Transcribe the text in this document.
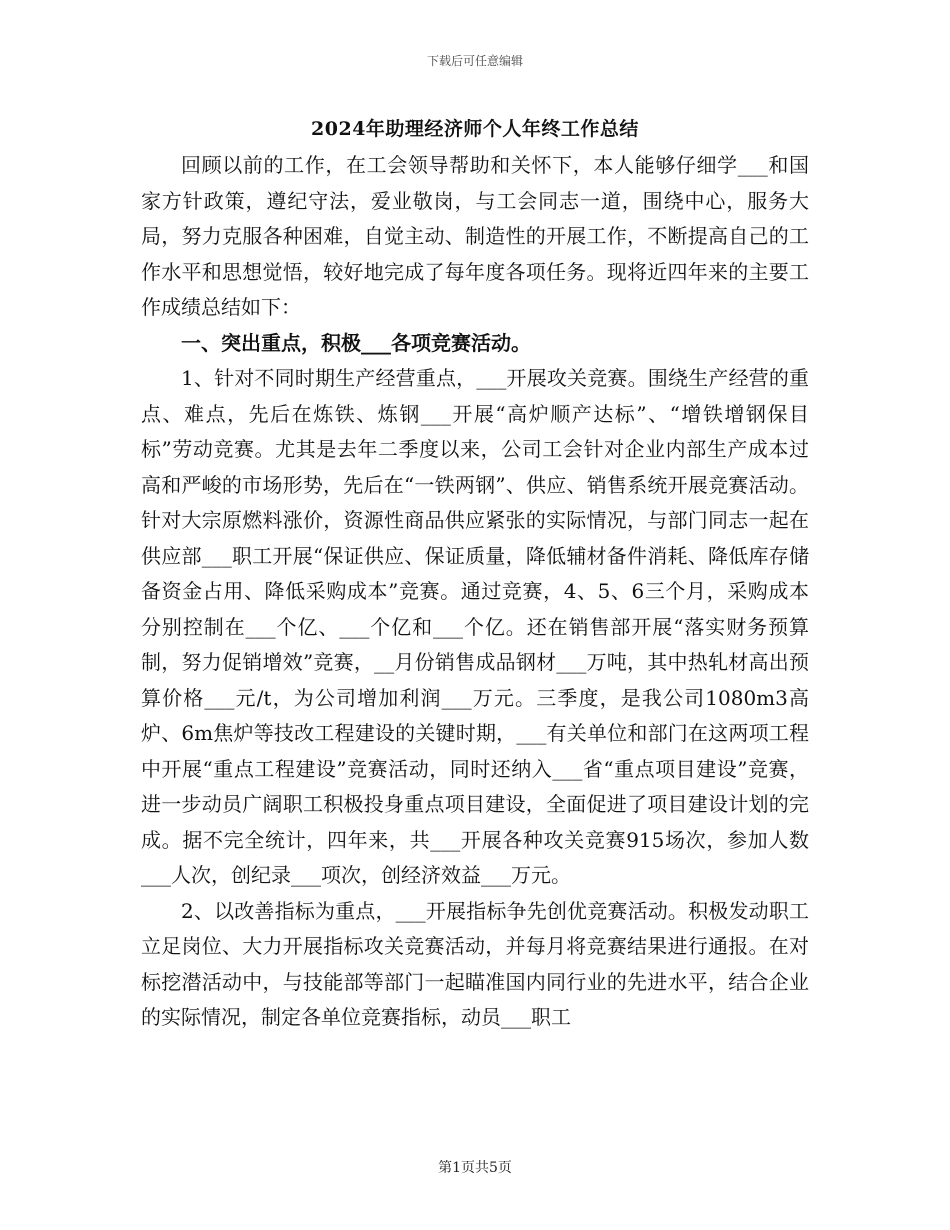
下载后可任意编辑
2024年助理经济师个人年终工作总结

回顾以前的工作，在工会领导帮助和关怀下，本人能够仔细学___和国家方针政策，遵纪守法，爱业敬岗，与工会同志一道，围绕中心，服务大局，努力克服各种困难，自觉主动、制造性的开展工作，不断提高自己的工作水平和思想觉悟，较好地完成了每年度各项任务。现将近四年来的主要工作成绩总结如下：

一、突出重点，积极___各项竞赛活动。

1、针对不同时期生产经营重点，___开展攻关竞赛。围绕生产经营的重点、难点，先后在炼铁、炼钢___开展“高炉顺产达标”、“增铁增钢保目标”劳动竞赛。尤其是去年二季度以来，公司工会针对企业内部生产成本过高和严峻的市场形势，先后在“一铁两钢”、供应、销售系统开展竞赛活动。针对大宗原燃料涨价，资源性商品供应紧张的实际情况，与部门同志一起在供应部___职工开展“保证供应、保证质量，降低辅材备件消耗、降低库存储备资金占用、降低采购成本”竞赛。通过竞赛，4、5、6三个月，采购成本分别控制在___个亿、___个亿和___个亿。还在销售部开展“落实财务预算制，努力促销增效”竞赛，__月份销售成品钢材___万吨，其中热轧材高出预算价格___元/t，为公司增加利润___万元。三季度，是我公司1080m3高炉、6m焦炉等技改工程建设的关键时期，___有关单位和部门在这两项工程中开展“重点工程建设”竞赛活动，同时还纳入___省“重点项目建设”竞赛，进一步动员广阔职工积极投身重点项目建设，全面促进了项目建设计划的完成。据不完全统计，四年来，共___开展各种攻关竞赛915场次，参加人数___人次，创纪录___项次，创经济效益___万元。

2、以改善指标为重点，___开展指标争先创优竞赛活动。积极发动职工立足岗位、大力开展指标攻关竞赛活动，并每月将竞赛结果进行通报。在对标挖潜活动中，与技能部等部门一起瞄准国内同行业的先进水平，结合企业的实际情况，制定各单位竞赛指标，动员___职工

第1页共5页
